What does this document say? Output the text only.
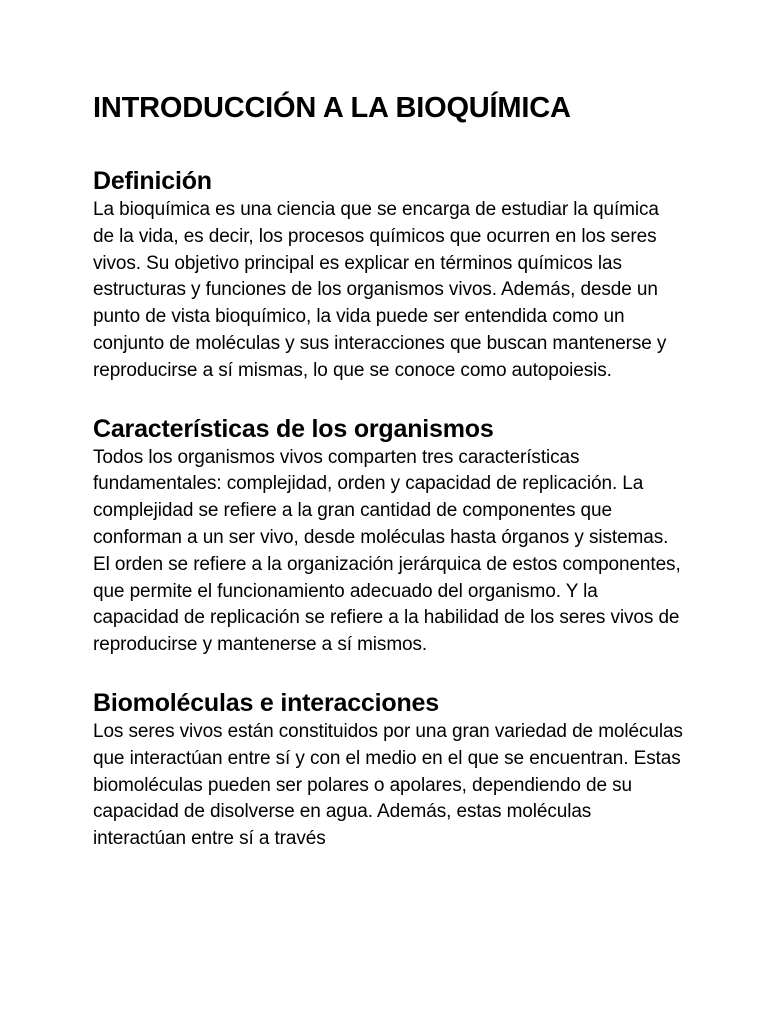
INTRODUCCIÓN A LA BIOQUÍMICA
Definición

La bioquímica es una ciencia que se encarga de estudiar la química de la vida, es decir, los procesos químicos que ocurren en los seres vivos. Su objetivo principal es explicar en términos químicos las estructuras y funciones de los organismos vivos. Además, desde un punto de vista bioquímico, la vida puede ser entendida como un conjunto de moléculas y sus interacciones que buscan mantenerse y reproducirse a sí mismas, lo que se conoce como autopoiesis.

Características de los organismos

Todos los organismos vivos comparten tres características fundamentales: complejidad, orden y capacidad de replicación. La complejidad se refiere a la gran cantidad de componentes que conforman a un ser vivo, desde moléculas hasta órganos y sistemas. El orden se refiere a la organización jerárquica de estos componentes, que permite el funcionamiento adecuado del organismo. Y la capacidad de replicación se refiere a la habilidad de los seres vivos de reproducirse y mantenerse a sí mismos.

Biomoléculas e interacciones

Los seres vivos están constituidos por una gran variedad de moléculas que interactúan entre sí y con el medio en el que se encuentran. Estas biomoléculas pueden ser polares o apolares, dependiendo de su capacidad de disolverse en agua. Además, estas moléculas interactúan entre sí a través
